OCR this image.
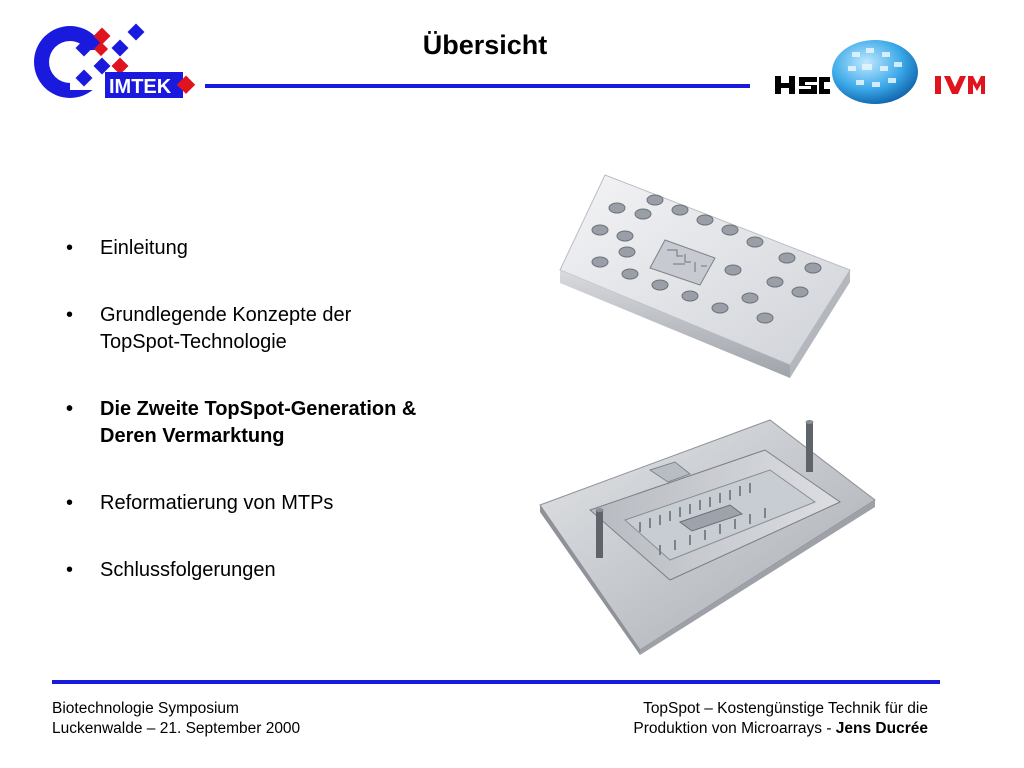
IMTEK
Übersicht
• Einleitung
• Grundlegende Konzepte der
TopSpot-Technologie
• Die Zweite TopSpot-Generation &
Deren Vermarktung
• Reformatierung von MTPs
• Schlussfolgerungen
Biotechnologie Symposium
Luckenwalde – 21. September 2000
TopSpot – Kostengünstige Technik für die
Produktion von Microarrays - Jens Ducrée
